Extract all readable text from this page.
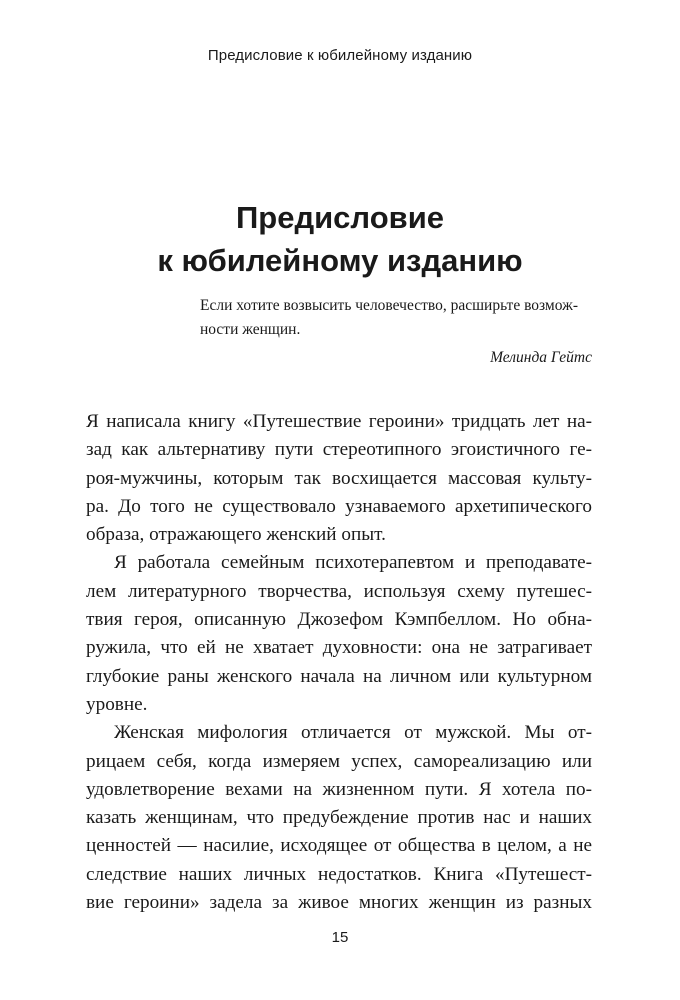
Предисловие к юбилейному изданию
Предисловие
к юбилейному изданию
Если хотите возвысить человечество, расширьте возмож-
ности женщин.
Мелинда Гейтс
Я написала книгу «Путешествие героини» тридцать лет на-
зад как альтернативу пути стереотипного эгоистичного ге-
роя-мужчины, которым так восхищается массовая культу-
ра. До того не существовало узнаваемого архетипического
образа, отражающего женский опыт.
Я работала семейным психотерапевтом и преподавате-
лем литературного творчества, используя схему путешес-
твия героя, описанную Джозефом Кэмпбеллом. Но обна-
ружила, что ей не хватает духовности: она не затрагивает
глубокие раны женского начала на личном или культурном
уровне.
Женская мифология отличается от мужской. Мы от-
рицаем себя, когда измеряем успех, самореализацию или
удовлетворение вехами на жизненном пути. Я хотела по-
казать женщинам, что предубеждение против нас и наших
ценностей — насилие, исходящее от общества в целом, а не
следствие наших личных недостатков. Книга «Путешест-
вие героини» задела за живое многих женщин из разных
15
